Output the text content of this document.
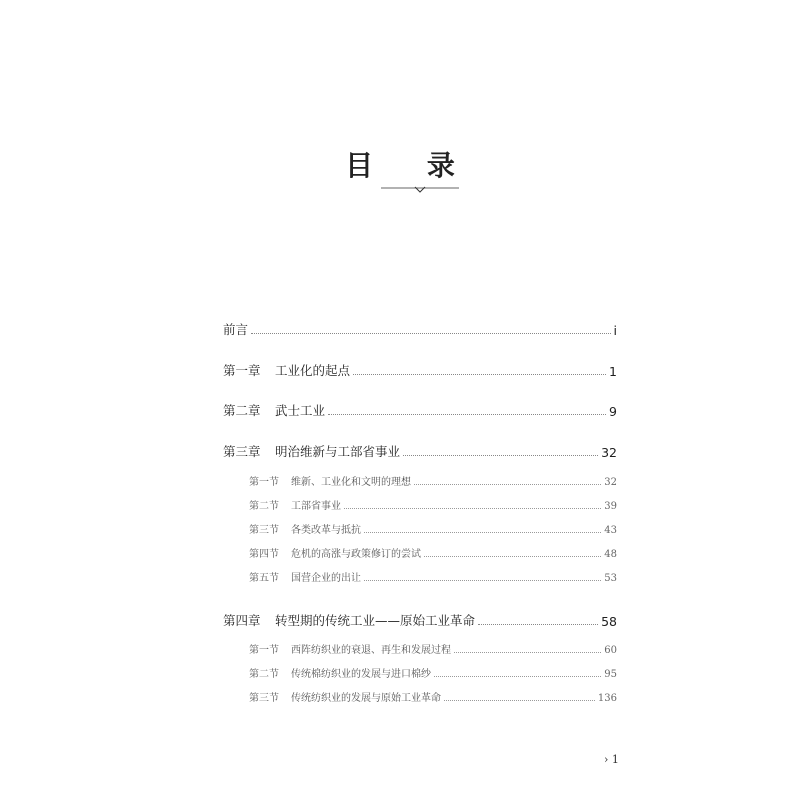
目 录
前言	i
第一章	工业化的起点	1
第二章	武士工业	9
第三章	明治维新与工部省事业	32
第一节	维新、工业化和文明的理想	32
第二节	工部省事业	39
第三节	各类改革与抵抗	43
第四节	危机的高涨与政策修订的尝试	48
第五节	国营企业的出让	53
第四章	转型期的传统工业——原始工业革命	58
第一节	西阵纺织业的衰退、再生和发展过程	60
第二节	传统棉纺织业的发展与进口棉纱	95
第三节	传统纺织业的发展与原始工业革命	136
› 1
